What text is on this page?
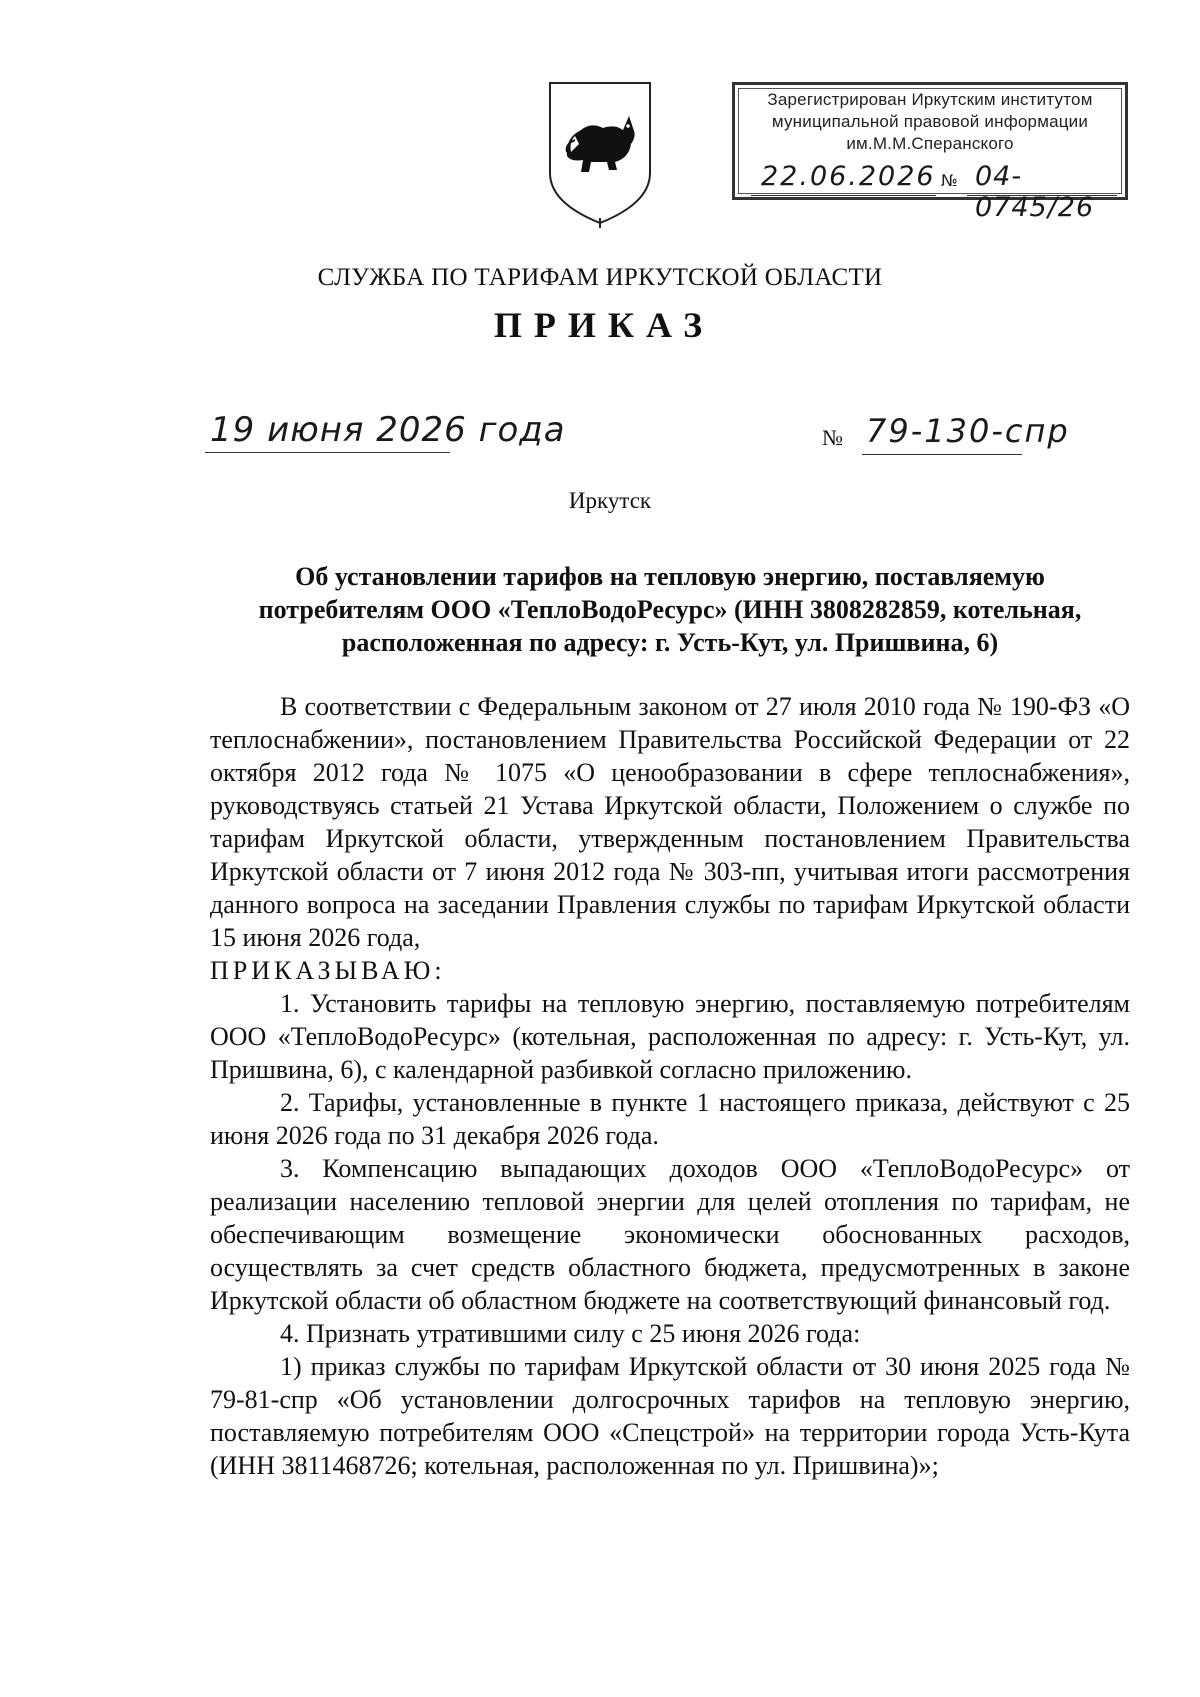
Зарегистрирован Иркутским институтом
муниципальной правовой информации
им.М.М.Сперанского
22.06.2026 № 04-0745/26
СЛУЖБА ПО ТАРИФАМ ИРКУТСКОЙ ОБЛАСТИ
ПРИКАЗ
19 июня 2026 года	№ 79-130-спр
Иркутск
Об установлении тарифов на тепловую энергию, поставляемую потребителям ООО «ТеплоВодоРесурс» (ИНН 3808282859, котельная, расположенная по адресу: г. Усть-Кут, ул. Пришвина, 6)

В соответствии с Федеральным законом от 27 июля 2010 года № 190-ФЗ «О теплоснабжении», постановлением Правительства Российской Федерации от 22 октября 2012 года № 1075 «О ценообразовании в сфере теплоснабжения», руководствуясь статьей 21 Устава Иркутской области, Положением о службе по тарифам Иркутской области, утвержденным постановлением Правительства Иркутской области от 7 июня 2012 года № 303-пп, учитывая итоги рассмотрения данного вопроса на заседании Правления службы по тарифам Иркутской области 15 июня 2026 года,

ПРИКАЗЫВАЮ:

1. Установить тарифы на тепловую энергию, поставляемую потребителям ООО «ТеплоВодоРесурс» (котельная, расположенная по адресу: г. Усть-Кут, ул. Пришвина, 6), с календарной разбивкой согласно приложению.

2. Тарифы, установленные в пункте 1 настоящего приказа, действуют с 25 июня 2026 года по 31 декабря 2026 года.

3. Компенсацию выпадающих доходов ООО «ТеплоВодоРесурс» от реализации населению тепловой энергии для целей отопления по тарифам, не обеспечивающим возмещение экономически обоснованных расходов, осуществлять за счет средств областного бюджета, предусмотренных в законе Иркутской области об областном бюджете на соответствующий финансовый год.

4. Признать утратившими силу с 25 июня 2026 года:

1) приказ службы по тарифам Иркутской области от 30 июня 2025 года № 79-81-спр «Об установлении долгосрочных тарифов на тепловую энергию, поставляемую потребителям ООО «Спецстрой» на территории города Усть-Кута (ИНН 3811468726; котельная, расположенная по ул. Пришвина)»;
